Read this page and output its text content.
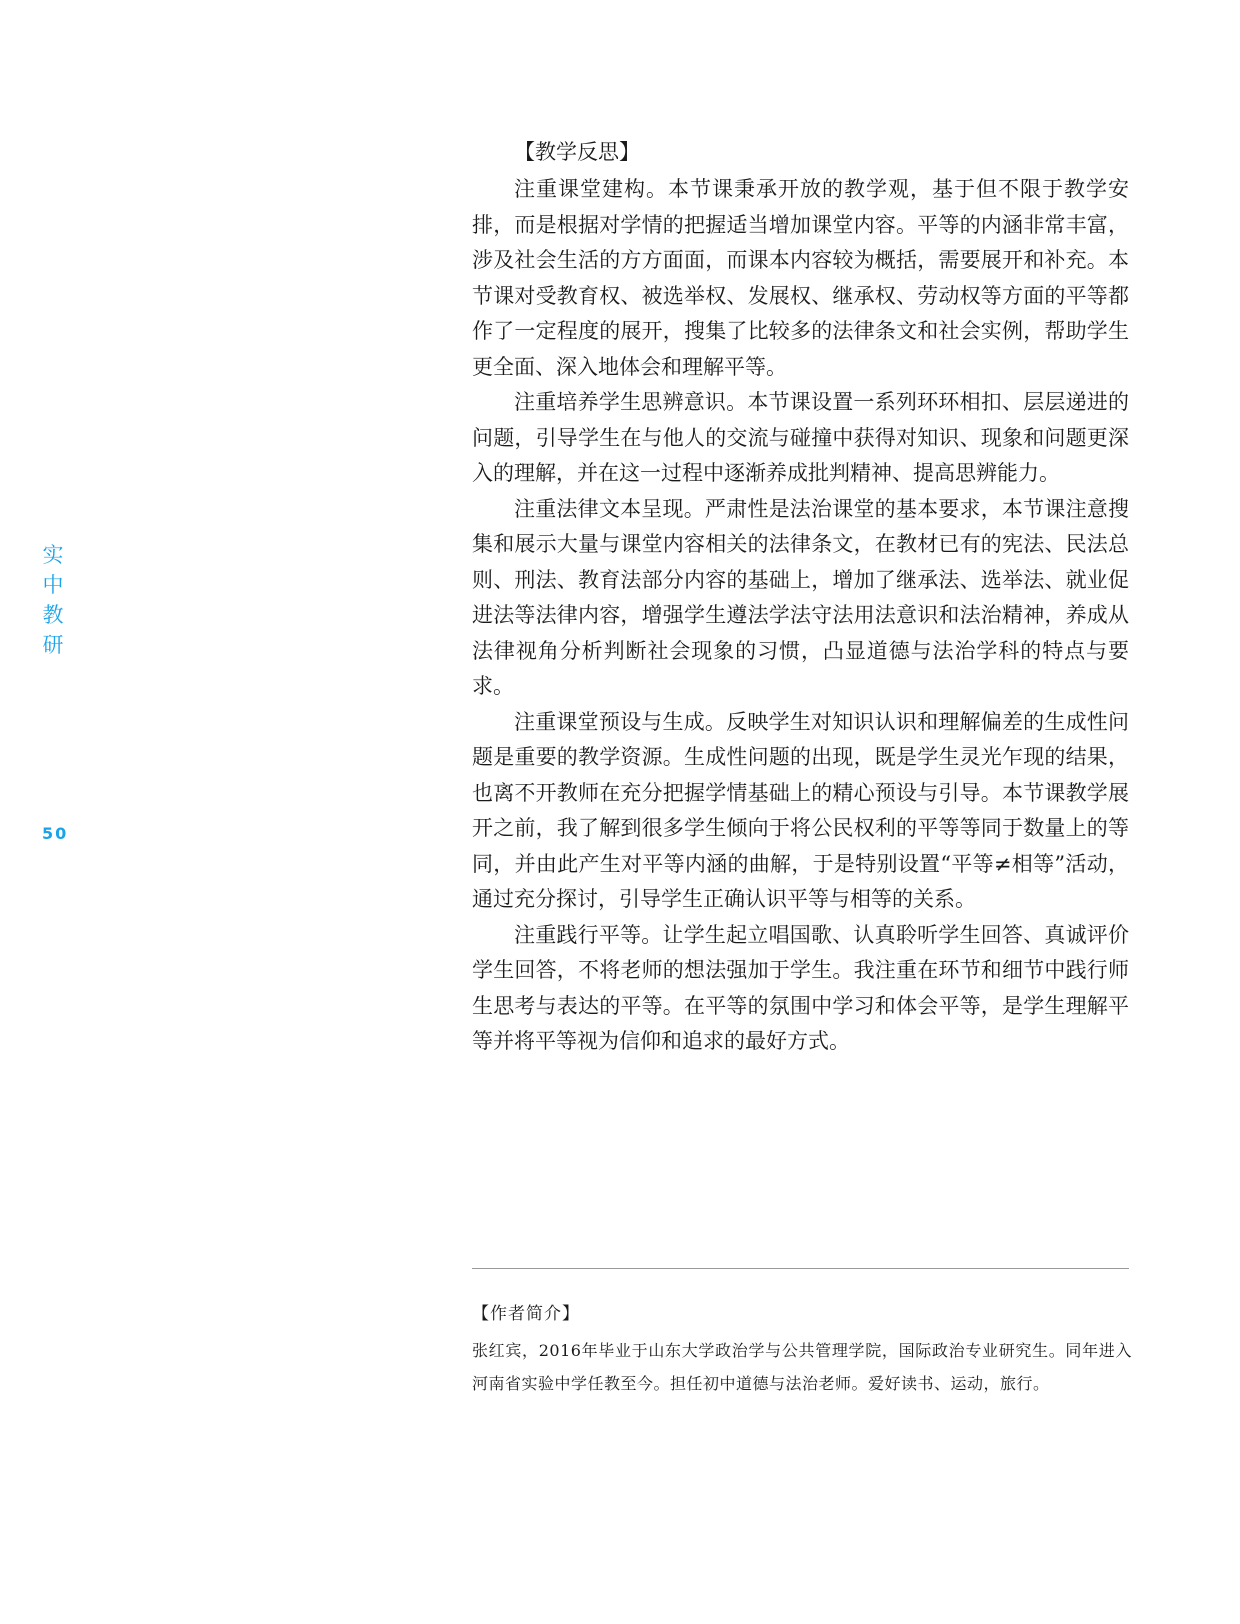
实
中
教
研
50
【教学反思】

注重课堂建构。本节课秉承开放的教学观，基于但不限于教学安排，而是根据对学情的把握适当增加课堂内容。平等的内涵非常丰富，涉及社会生活的方方面面，而课本内容较为概括，需要展开和补充。本节课对受教育权、被选举权、发展权、继承权、劳动权等方面的平等都作了一定程度的展开，搜集了比较多的法律条文和社会实例，帮助学生更全面、深入地体会和理解平等。

注重培养学生思辨意识。本节课设置一系列环环相扣、层层递进的问题，引导学生在与他人的交流与碰撞中获得对知识、现象和问题更深入的理解，并在这一过程中逐渐养成批判精神、提高思辨能力。

注重法律文本呈现。严肃性是法治课堂的基本要求，本节课注意搜集和展示大量与课堂内容相关的法律条文，在教材已有的宪法、民法总则、刑法、教育法部分内容的基础上，增加了继承法、选举法、就业促进法等法律内容，增强学生遵法学法守法用法意识和法治精神，养成从法律视角分析判断社会现象的习惯，凸显道德与法治学科的特点与要求。

注重课堂预设与生成。反映学生对知识认识和理解偏差的生成性问题是重要的教学资源。生成性问题的出现，既是学生灵光乍现的结果，也离不开教师在充分把握学情基础上的精心预设与引导。本节课教学展开之前，我了解到很多学生倾向于将公民权利的平等等同于数量上的等同，并由此产生对平等内涵的曲解，于是特别设置“平等≠相等”活动，通过充分探讨，引导学生正确认识平等与相等的关系。

注重践行平等。让学生起立唱国歌、认真聆听学生回答、真诚评价学生回答，不将老师的想法强加于学生。我注重在环节和细节中践行师生思考与表达的平等。在平等的氛围中学习和体会平等，是学生理解平等并将平等视为信仰和追求的最好方式。

【作者简介】

张红宾，2016年毕业于山东大学政治学与公共管理学院，国际政治专业研究生。同年进入河南省实验中学任教至今。担任初中道德与法治老师。爱好读书、运动，旅行。
